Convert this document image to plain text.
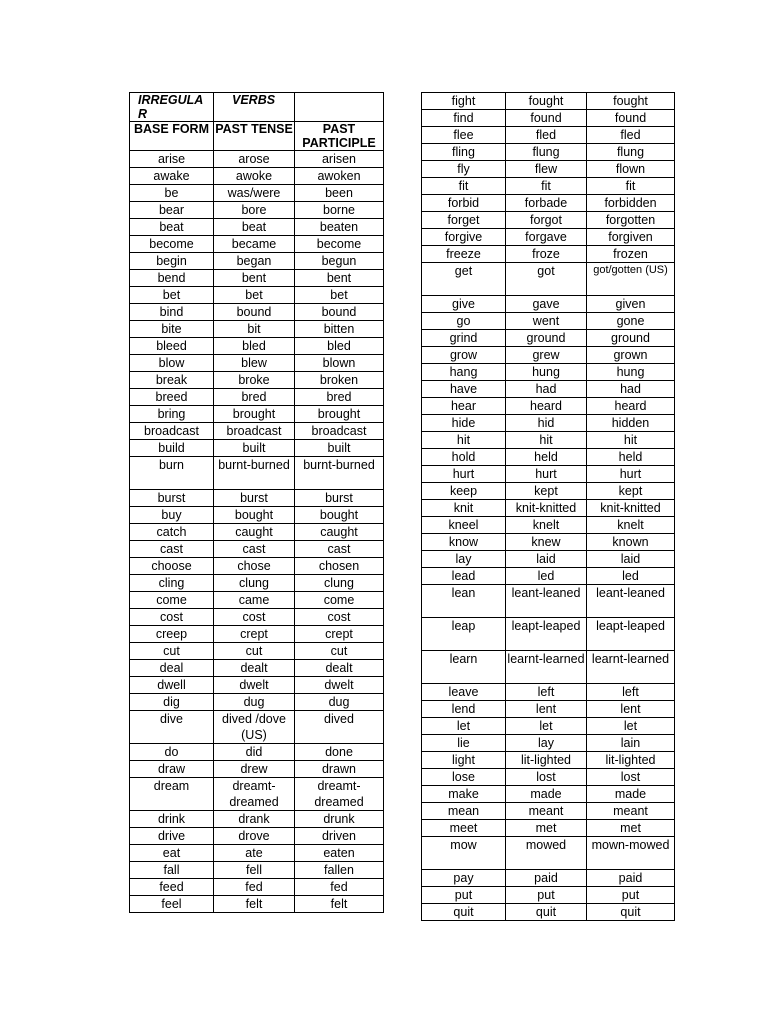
IRREGULA R	VERBS	
BASE FORM	PAST TENSE	PAST PARTICIPLE
arise	arose	arisen
awake	awoke	awoken
be	was/were	been
bear	bore	borne
beat	beat	beaten
become	became	become
begin	began	begun
bend	bent	bent
bet	bet	bet
bind	bound	bound
bite	bit	bitten
bleed	bled	bled
blow	blew	blown
break	broke	broken
breed	bred	bred
bring	brought	brought
broadcast	broadcast	broadcast
build	built	built
burn	burnt-burned	burnt-burned
burst	burst	burst
buy	bought	bought
catch	caught	caught
cast	cast	cast
choose	chose	chosen
cling	clung	clung
come	came	come
cost	cost	cost
creep	crept	crept
cut	cut	cut
deal	dealt	dealt
dwell	dwelt	dwelt
dig	dug	dug
dive	dived /dove (US)	dived
do	did	done
draw	drew	drawn
dream	dreamt-dreamed	dreamt-dreamed
drink	drank	drunk
drive	drove	driven
eat	ate	eaten
fall	fell	fallen
feed	fed	fed
feel	felt	felt
fight	fought	fought
find	found	found
flee	fled	fled
fling	flung	flung
fly	flew	flown
fit	fit	fit
forbid	forbade	forbidden
forget	forgot	forgotten
forgive	forgave	forgiven
freeze	froze	frozen
get	got	got/gotten (US)
give	gave	given
go	went	gone
grind	ground	ground
grow	grew	grown
hang	hung	hung
have	had	had
hear	heard	heard
hide	hid	hidden
hit	hit	hit
hold	held	held
hurt	hurt	hurt
keep	kept	kept
knit	knit-knitted	knit-knitted
kneel	knelt	knelt
know	knew	known
lay	laid	laid
lead	led	led
lean	leant-leaned	leant-leaned
leap	leapt-leaped	leapt-leaped
learn	learnt-learned	learnt-learned
leave	left	left
lend	lent	lent
let	let	let
lie	lay	lain
light	lit-lighted	lit-lighted
lose	lost	lost
make	made	made
mean	meant	meant
meet	met	met
mow	mowed	mown-mowed
pay	paid	paid
put	put	put
quit	quit	quit
